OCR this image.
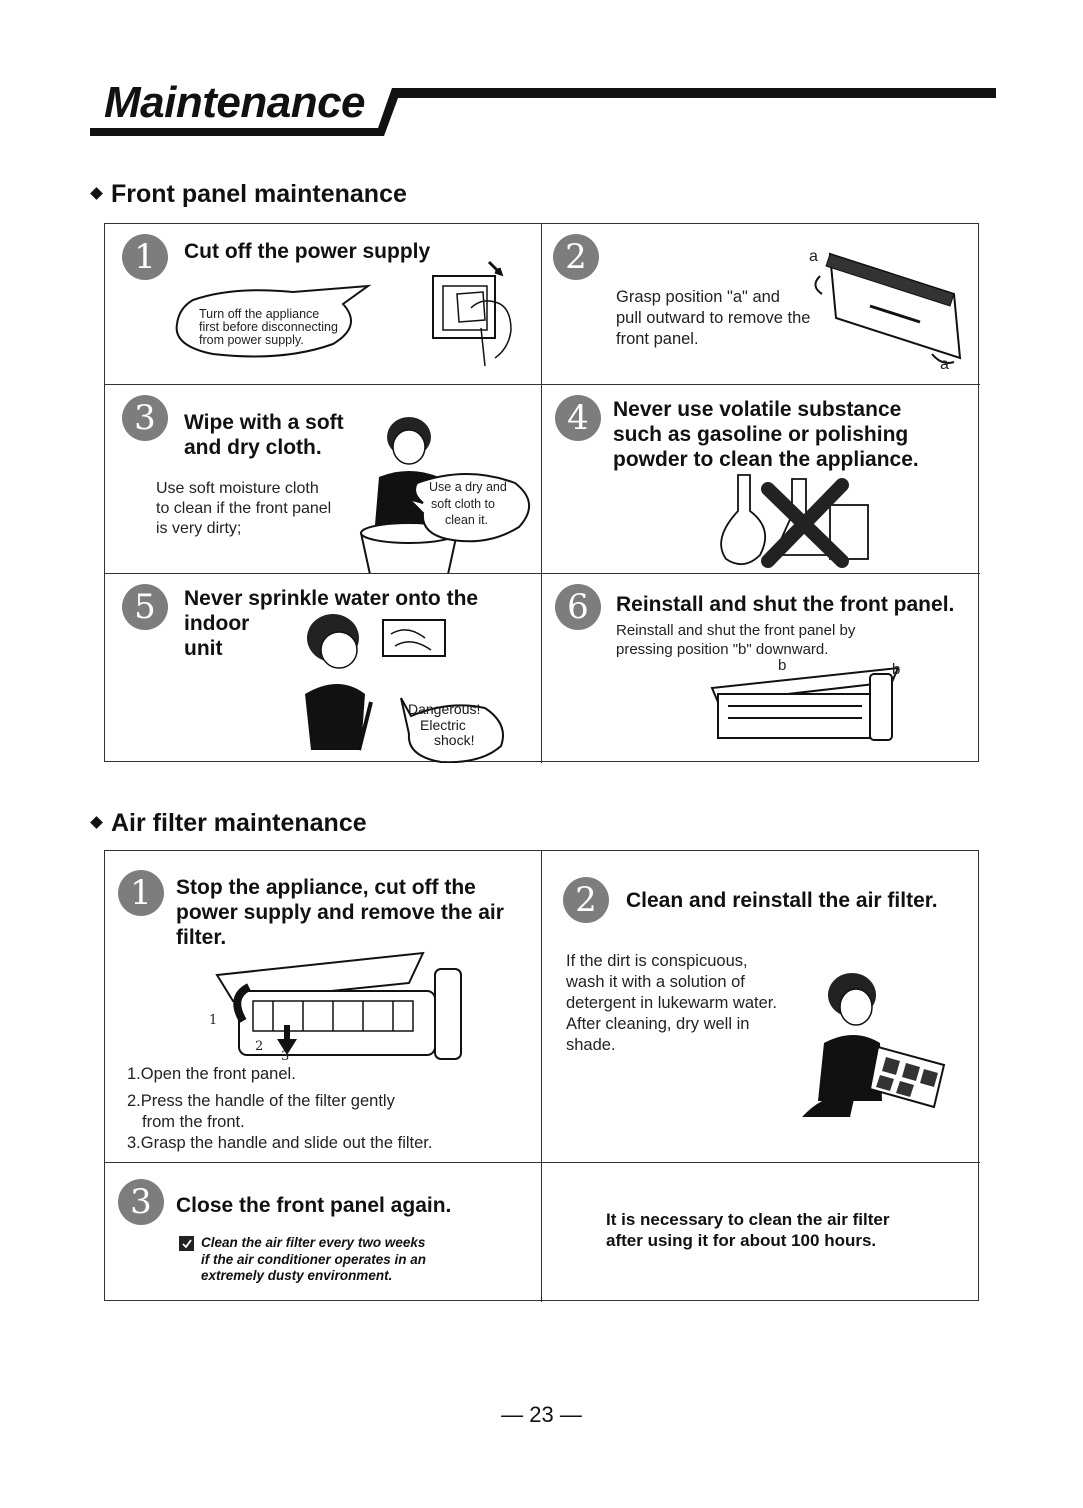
Maintenance
Front panel maintenance
1	Cut off the power supply
Turn off the appliance
first before disconnecting
from power supply.
2
Grasp position "a" and
pull outward to remove the
front panel.
a
a
3	Wipe with a soft
and dry cloth.
Use soft moisture cloth
to clean if the front panel
is very dirty;
Use a dry and
soft cloth to
clean it.
4	Never use volatile substance
such as gasoline or polishing
powder to clean the appliance.
5	Never sprinkle water onto the
indoor
unit
Dangerous!
Electric
shock!
6	Reinstall and shut the front panel.
Reinstall and shut the front panel by
pressing position "b" downward.
b	b
Air filter maintenance
1	Stop the appliance, cut off the
power supply and remove the air
filter.
1
2
3
1.Open the front panel.
2.Press the handle of the filter gently
from the front.
3.Grasp the handle and slide out the filter.
2	Clean and reinstall the air filter.
If the dirt is conspicuous,
wash it with a solution of
detergent in lukewarm water.
After cleaning, dry well in
shade.
3	Close the front panel again.
Clean the air filter every two weeks
if the air conditioner operates in an
extremely dusty environment.
It is necessary to clean the air filter
after using it for about 100 hours.
— 23 —
